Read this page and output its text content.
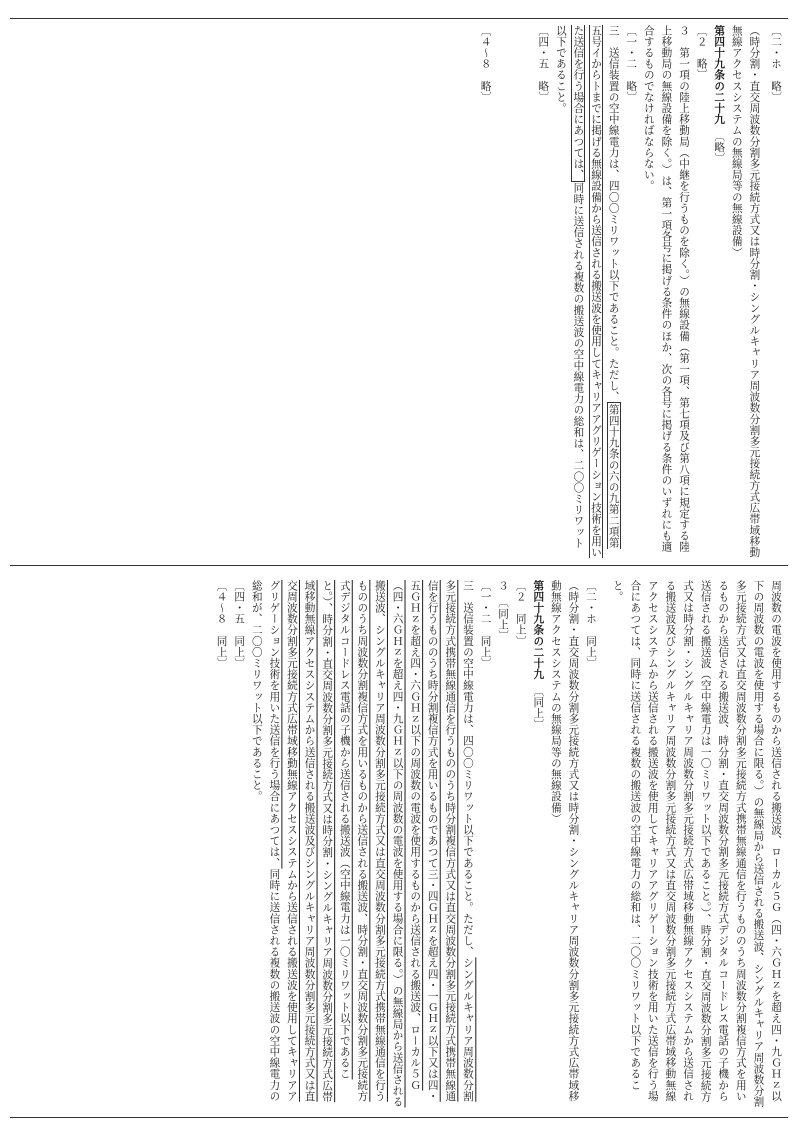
〔二・ホ　略〕

（時分割・直交周波数分割多元接続方式又は時分割・シングルキャリア周波数分割多元接続方式広帯域移動無線アクセスシステムの無線局等の無線設備）

第四十九条の二十九　〔略〕

〔２　略〕

３　第一項の陸上移動局（中継を行うものを除く。）の無線設備（第一項、第七項及び第八項に規定する陸上移動局の無線設備を除く。）は、第一項各号に掲げる条件のほか、次の各号に掲げる条件のいずれにも適合するものでなければならない。

〔一・二　略〕

三　送信装置の空中線電力は、四〇〇ミリワット以下であること。ただし、第四十九条の六の九第二項第五号イからトまでに掲げる無線設備から送信される搬送波を使用してキャリアアグリゲーション技術を用いた送信を行う場合にあつては、同時に送信される複数の搬送波の空中線電力の総和は、二〇〇ミリワット以下であること。

〔四・五　略〕

〔４〜８　略〕

周波数の電波を使用するものから送信される搬送波、ローカル５Ｇ（四・六ＧＨｚを超え四・九ＧＨｚ以下の周波数の電波を使用する場合に限る。）の無線局から送信される搬送波、シングルキャリア周波数分割多元接続方式又は直交周波数分割多元接続方式携帯無線通信を行うもののうち周波数分割複信方式を用いるものから送信される搬送波、時分割・直交周波数分割多元接続方式デジタルコードレス電話の子機から送信される搬送波（空中線電力は一〇ミリワット以下であること。）、時分割・直交周波数分割多元接続方式又は時分割・シングルキャリア周波数分割多元接続方式広帯域移動無線アクセスシステムから送信される搬送波及びシングルキャリア周波数分割多元接続方式又は直交周波数分割多元接続方式広帯域移動無線アクセスシステムから送信される搬送波を使用してキャリアアグリゲーション技術を用いた送信を行う場合にあつては、同時に送信される複数の搬送波の空中線電力の総和は、二〇〇ミリワット以下であること。

〔二・ホ　同上〕

（時分割・直交周波数分割多元接続方式又は時分割・シングルキャリア周波数分割多元接続方式広帯域移動無線アクセスシステムの無線局等の無線設備）

第四十九条の二十九　〔同上〕

〔２　同上〕

３　〔同上〕

〔一・二　同上〕

三　送信装置の空中線電力は、四〇〇ミリワット以下であること。ただし、シングルキャリア周波数分割多元接続方式携帯無線通信を行うもののうち時分割複信方式又は直交周波数分割多元接続方式携帯無線通信を行うもののうち時分割複信方式を用いるものであつて三・四ＧＨｚを超え四・一ＧＨｚ以下又は四・五ＧＨｚを超え四・六ＧＨｚ以下の周波数の電波を使用するものから送信される搬送波、ローカル５Ｇ（四・六ＧＨｚを超え四・九ＧＨｚ以下の周波数の電波を使用する場合に限る。）の無線局から送信される搬送波、シングルキャリア周波数分割多元接続方式又は直交周波数分割多元接続方式携帯無線通信を行うもののうち周波数分割複信方式を用いるものから送信される搬送波、時分割・直交周波数分割多元接続方式デジタルコードレス電話の子機から送信される搬送波（空中線電力は一〇ミリワット以下であること。）、時分割・直交周波数分割多元接続方式又は時分割・シングルキャリア周波数分割多元接続方式広帯域移動無線アクセスシステムから送信される搬送波及びシングルキャリア周波数分割多元接続方式又は直交周波数分割多元接続方式広帯域移動無線アクセスシステムから送信される搬送波を使用してキャリアアグリゲーション技術を用いた送信を行う場合にあつては、同時に送信される複数の搬送波の空中線電力の総和が、二〇〇ミリワット以下であること。

〔四・五　同上〕

〔４〜８　同上〕
